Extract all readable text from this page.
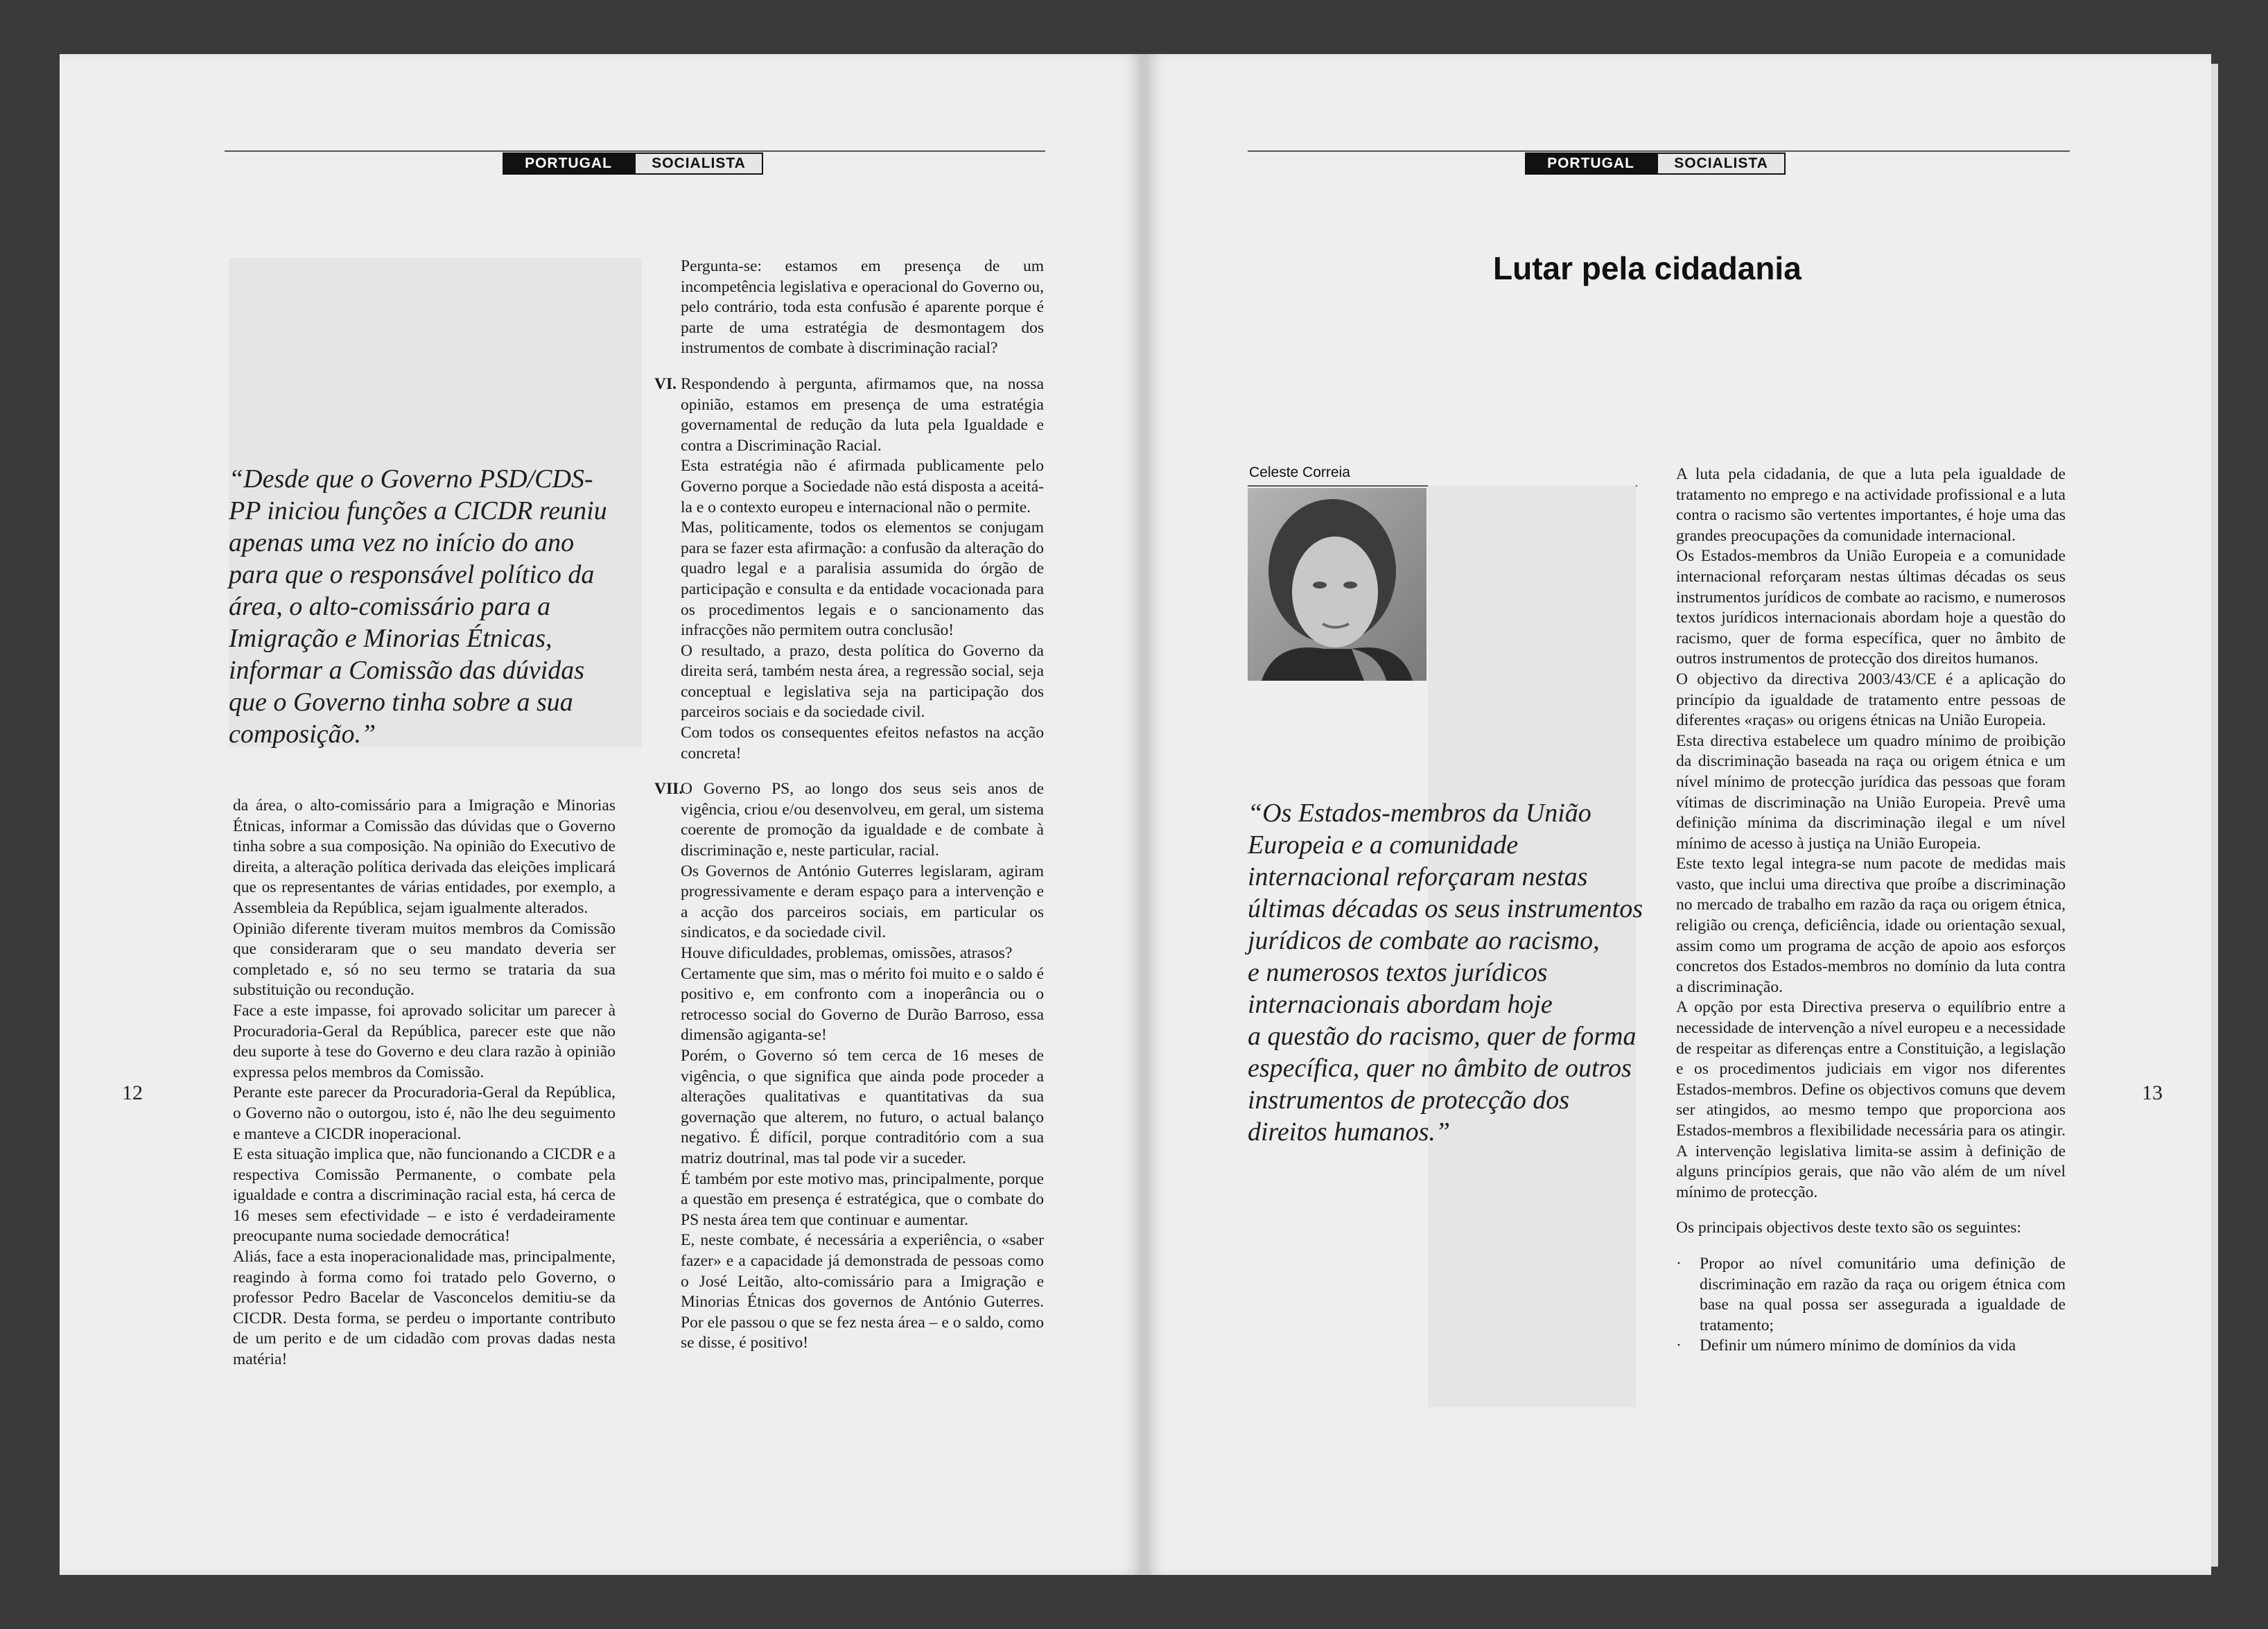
PORTUGAL	SOCIALISTA
“Desde que o Governo PSD/CDS-
PP iniciou funções a CICDR reuniu
apenas uma vez no início do ano
para que o responsável político da
área, o alto-comissário para a
Imigração e Minorias Étnicas,
informar a Comissão das dúvidas
que o Governo tinha sobre a sua
composição.”

da área, o alto-comissário para a Imigração e Minorias Étnicas, informar a Comissão das dúvidas que o Governo tinha sobre a sua composição. Na opinião do Executivo de direita, a alteração política derivada das eleições implicará que os representantes de várias entidades, por exemplo, a Assembleia da República, sejam igualmente alterados.

Opinião diferente tiveram muitos membros da Comissão que consideraram que o seu mandato deveria ser completado e, só no seu termo se trataria da sua substituição ou recondução.

Face a este impasse, foi aprovado solicitar um parecer à Procuradoria-Geral da República, parecer este que não deu suporte à tese do Governo e deu clara razão à opinião expressa pelos membros da Comissão.

Perante este parecer da Procuradoria-Geral da República, o Governo não o outorgou, isto é, não lhe deu seguimento e manteve a CICDR inoperacional.

E esta situação implica que, não funcionando a CICDR e a respectiva Comissão Permanente, o combate pela igualdade e contra a discriminação racial esta, há cerca de 16 meses sem efectividade – e isto é verdadeiramente preocupante numa sociedade democrática!

Aliás, face a esta inoperacionalidade mas, principalmente, reagindo à forma como foi tratado pelo Governo, o professor Pedro Bacelar de Vasconcelos demitiu-se da CICDR. Desta forma, se perdeu o importante contributo de um perito e de um cidadão com provas dadas nesta matéria!

Pergunta-se: estamos em presença de um incompetência legislativa e operacional do Governo ou, pelo contrário, toda esta confusão é aparente porque é parte de uma estratégia de desmontagem dos instrumentos de combate à discriminação racial?

VI. Respondendo à pergunta, afirmamos que, na nossa opinião, estamos em presença de uma estratégia governamental de redução da luta pela Igualdade e contra a Discriminação Racial.

Esta estratégia não é afirmada publicamente pelo Governo porque a Sociedade não está disposta a aceitá-la e o contexto europeu e internacional não o permite.

Mas, politicamente, todos os elementos se conjugam para se fazer esta afirmação: a confusão da alteração do quadro legal e a paralisia assumida do órgão de participação e consulta e da entidade vocacionada para os procedimentos legais e o sancionamento das infracções não permitem outra conclusão!

O resultado, a prazo, desta política do Governo da direita será, também nesta área, a regressão social, seja conceptual e legislativa seja na participação dos parceiros sociais e da sociedade civil.

Com todos os consequentes efeitos nefastos na acção concreta!

VII.

O Governo PS, ao longo dos seus seis anos de vigência, criou e/ou desenvolveu, em geral, um sistema coerente de promoção da igualdade e de combate à discriminação e, neste particular, racial.

Os Governos de António Guterres legislaram, agiram progressivamente e deram espaço para a intervenção e a acção dos parceiros sociais, em particular os sindicatos, e da sociedade civil.

Houve dificuldades, problemas, omissões, atrasos?

Certamente que sim, mas o mérito foi muito e o saldo é positivo e, em confronto com a inoperância ou o retrocesso social do Governo de Durão Barroso, essa dimensão agiganta-se!

Porém, o Governo só tem cerca de 16 meses de vigência, o que significa que ainda pode proceder a alterações qualitativas e quantitativas da sua governação que alterem, no futuro, o actual balanço negativo. É difícil, porque contraditório com a sua matriz doutrinal, mas tal pode vir a suceder.

É também por este motivo mas, principalmente, porque a questão em presença é estratégica, que o combate do PS nesta área tem que continuar e aumentar.

E, neste combate, é necessária a experiência, o «saber fazer» e a capacidade já demonstrada de pessoas como o José Leitão, alto-comissário para a Imigração e Minorias Étnicas dos governos de António Guterres. Por ele passou o que se fez nesta área – e o saldo, como se disse, é positivo!

12
PORTUGAL	SOCIALISTA
Lutar pela cidadania
Celeste Correia
“Os Estados-membros da União
Europeia e a comunidade
internacional reforçaram nestas
últimas décadas os seus instrumentos
jurídicos de combate ao racismo,
e numerosos textos jurídicos
internacionais abordam hoje
a questão do racismo, quer de forma
específica, quer no âmbito de outros
instrumentos de protecção dos
direitos humanos.”

A luta pela cidadania, de que a luta pela igualdade de tratamento no emprego e na actividade profissional e a luta contra o racismo são vertentes importantes, é hoje uma das grandes preocupações da comunidade internacional.

Os Estados-membros da União Europeia e a comunidade internacional reforçaram nestas últimas décadas os seus instrumentos jurídicos de combate ao racismo, e numerosos textos jurídicos internacionais abordam hoje a questão do racismo, quer de forma específica, quer no âmbito de outros instrumentos de protecção dos direitos humanos.

O objectivo da directiva 2003/43/CE é a aplicação do princípio da igualdade de tratamento entre pessoas de diferentes «raças» ou origens étnicas na União Europeia.

Esta directiva estabelece um quadro mínimo de proibição da discriminação baseada na raça ou origem étnica e um nível mínimo de protecção jurídica das pessoas que foram vítimas de discriminação na União Europeia. Prevê uma definição mínima da discriminação ilegal e um nível mínimo de acesso à justiça na União Europeia.

Este texto legal integra-se num pacote de medidas mais vasto, que inclui uma directiva que proíbe a discriminação no mercado de trabalho em razão da raça ou origem étnica, religião ou crença, deficiência, idade ou orientação sexual, assim como um programa de acção de apoio aos esforços concretos dos Estados-membros no domínio da luta contra a discriminação.

A opção por esta Directiva preserva o equilíbrio entre a necessidade de intervenção a nível europeu e a necessidade de respeitar as diferenças entre a Constituição, a legislação e os procedimentos judiciais em vigor nos diferentes Estados-membros. Define os objectivos comuns que devem ser atingidos, ao mesmo tempo que proporciona aos Estados-membros a flexibilidade necessária para os atingir. A intervenção legislativa limita-se assim à definição de alguns princípios gerais, que não vão além de um nível mínimo de protecção.

Os principais objectivos deste texto são os seguintes:

· Propor ao nível comunitário uma definição de discriminação em razão da raça ou origem étnica com base na qual possa ser assegurada a igualdade de tratamento;

· Definir um número mínimo de domínios da vida

13
